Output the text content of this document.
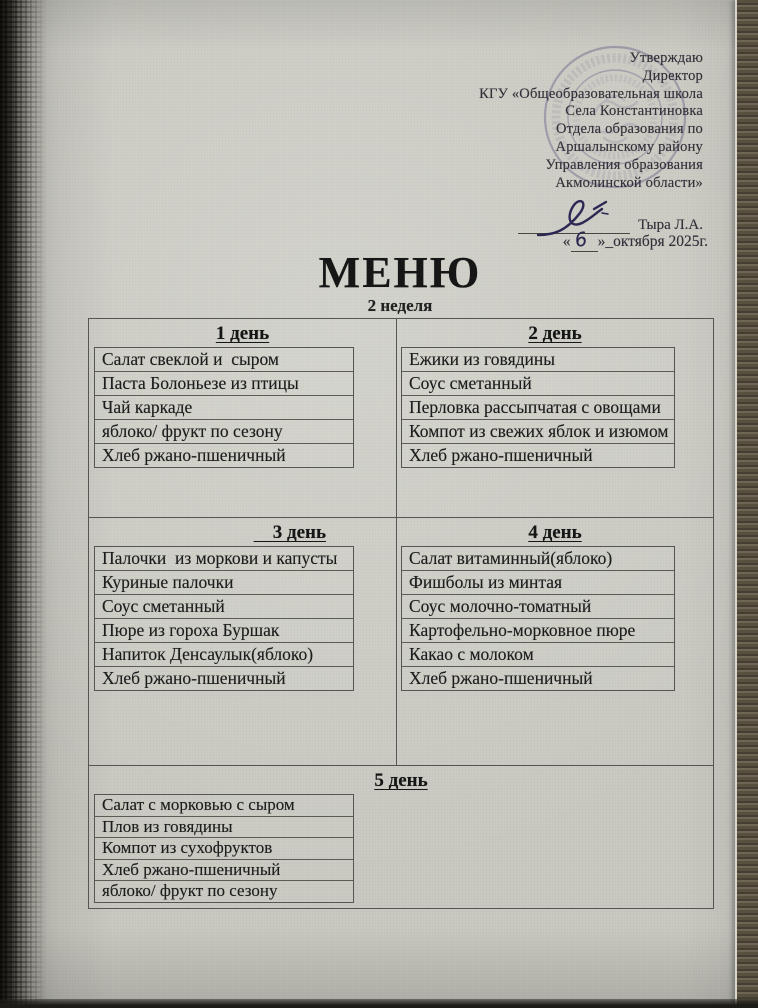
Утверждаю
Директор
КГУ «Общеобразовательная школа
Села Константиновка
Отдела образования по
Аршалынскому району
Управления образования
Акмолинской области»
Тыра Л.А.
« 6 »_октября 2025г.
МЕНЮ
2 неделя
1 день
Салат свеклой и  сыром
Паста Болоньезе из птицы
Чай каркаде
яблоко/ фрукт по сезону
Хлеб ржано-пшеничный
2 день
Ежики из говядины
Соус сметанный
Перловка рассыпчатая с овощами
Компот из свежих яблок и изюмом
Хлеб ржано-пшеничный
3 день
Палочки  из моркови и капусты
Куриные палочки
Соус сметанный
Пюре из гороха Буршак
Напиток Денсаулык(яблоко)
Хлеб ржано-пшеничный
4 день
Салат витаминный(яблоко)
Фишболы из минтая
Соус молочно-томатный
Картофельно-морковное пюре
Какао с молоком
Хлеб ржано-пшеничный
5 день
Салат с морковью с сыром
Плов из говядины
Компот из сухофруктов
Хлеб ржано-пшеничный
яблоко/ фрукт по сезону
